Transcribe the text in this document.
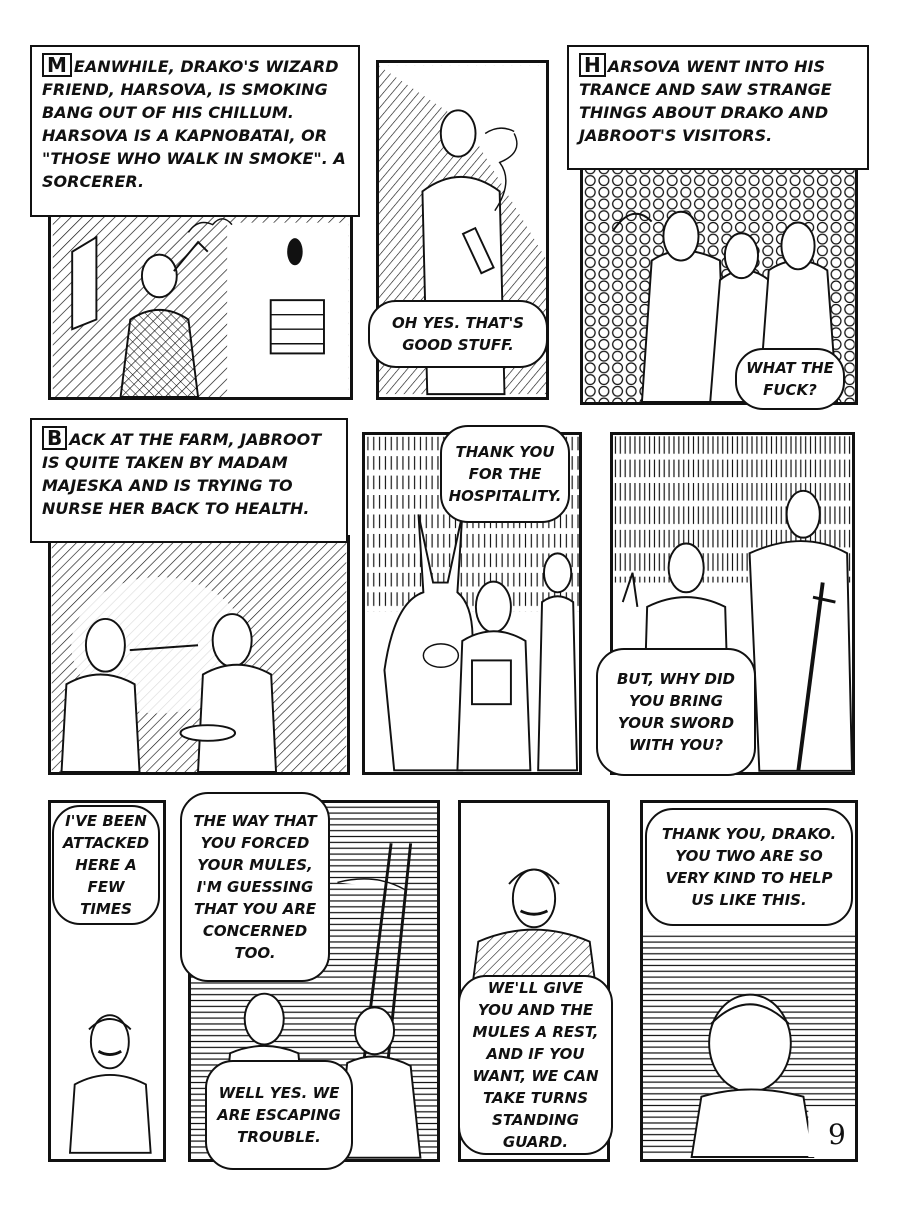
M EANWHILE, DRAKO'S WIZARD FRIEND, HARSOVA, IS SMOKING BANG OUT OF HIS CHILLUM. HARSOVA IS A KAPNOBATAI, OR "THOSE WHO WALK IN SMOKE". A SORCERER.
OH YES. THAT'S GOOD STUFF.
H ARSOVA WENT INTO HIS TRANCE AND SAW STRANGE THINGS ABOUT DRAKO AND JABROOT'S VISITORS.
WHAT THE FUCK?
B ACK AT THE FARM, JABROOT IS QUITE TAKEN BY MADAM MAJESKA AND IS TRYING TO NURSE HER BACK TO HEALTH.
THANK YOU FOR THE HOSPITALITY.
BUT, WHY DID YOU BRING YOUR SWORD WITH YOU?
I'VE BEEN ATTACKED HERE A FEW TIMES
THE WAY THAT YOU FORCED YOUR MULES, I'M GUESSING THAT YOU ARE CONCERNED TOO.
WELL YES. WE ARE ESCAPING TROUBLE.
WE'LL GIVE YOU AND THE MULES A REST, AND IF YOU WANT, WE CAN TAKE TURNS STANDING GUARD.
THANK YOU, DRAKO. YOU TWO ARE SO VERY KIND TO HELP US LIKE THIS.
9
